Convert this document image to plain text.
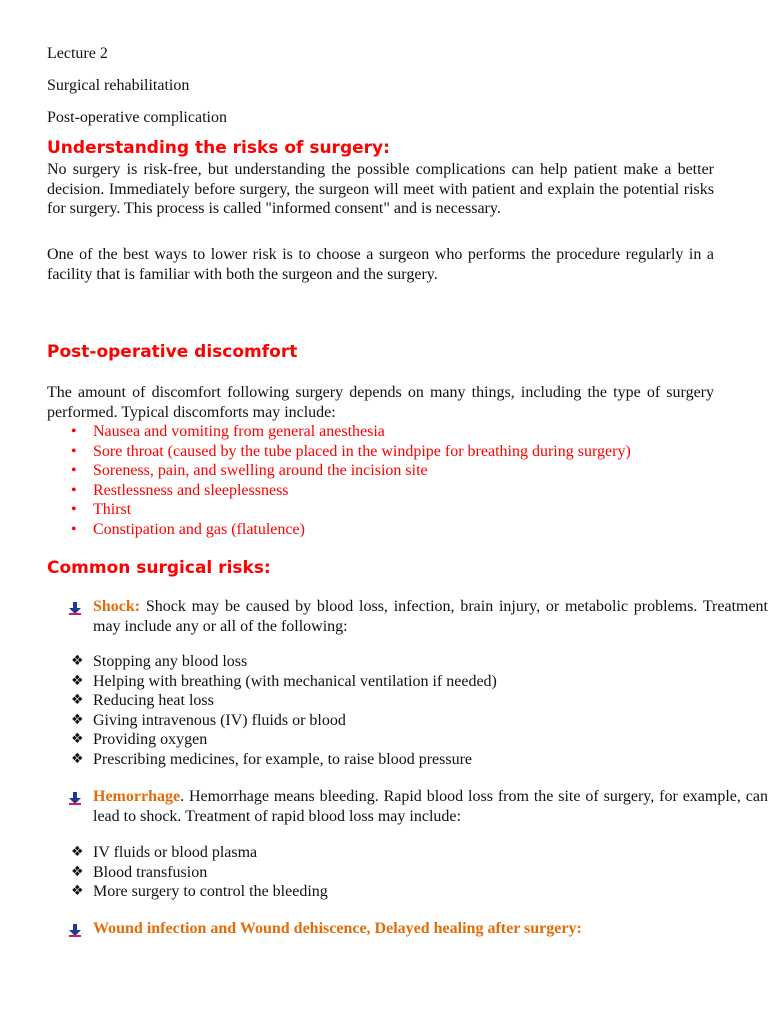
Lecture 2
Surgical rehabilitation
Post-operative complication
Understanding the risks of surgery:
No surgery is risk-free, but understanding the possible complications can help patient make a better decision. Immediately before surgery, the surgeon will meet with patient and explain the potential risks for surgery. This process is called "informed consent" and is necessary.
One of the best ways to lower risk is to choose a surgeon who performs the procedure regularly in a facility that is familiar with both the surgeon and the surgery.
Post-operative discomfort
The amount of discomfort following surgery depends on many things, including the type of surgery performed. Typical discomforts may include:
• Nausea and vomiting from general anesthesia
• Sore throat (caused by the tube placed in the windpipe for breathing during surgery)
• Soreness, pain, and swelling around the incision site
• Restlessness and sleeplessness
• Thirst
• Constipation and gas (flatulence)
Common surgical risks:
Shock: Shock may be caused by blood loss, infection, brain injury, or metabolic problems. Treatment may include any or all of the following:
❖ Stopping any blood loss
❖ Helping with breathing (with mechanical ventilation if needed)
❖ Reducing heat loss
❖ Giving intravenous (IV) fluids or blood
❖ Providing oxygen
❖ Prescribing medicines, for example, to raise blood pressure
Hemorrhage. Hemorrhage means bleeding. Rapid blood loss from the site of surgery, for example, can lead to shock. Treatment of rapid blood loss may include:
❖ IV fluids or blood plasma
❖ Blood transfusion
❖ More surgery to control the bleeding
Wound infection and Wound dehiscence, Delayed healing after surgery:
